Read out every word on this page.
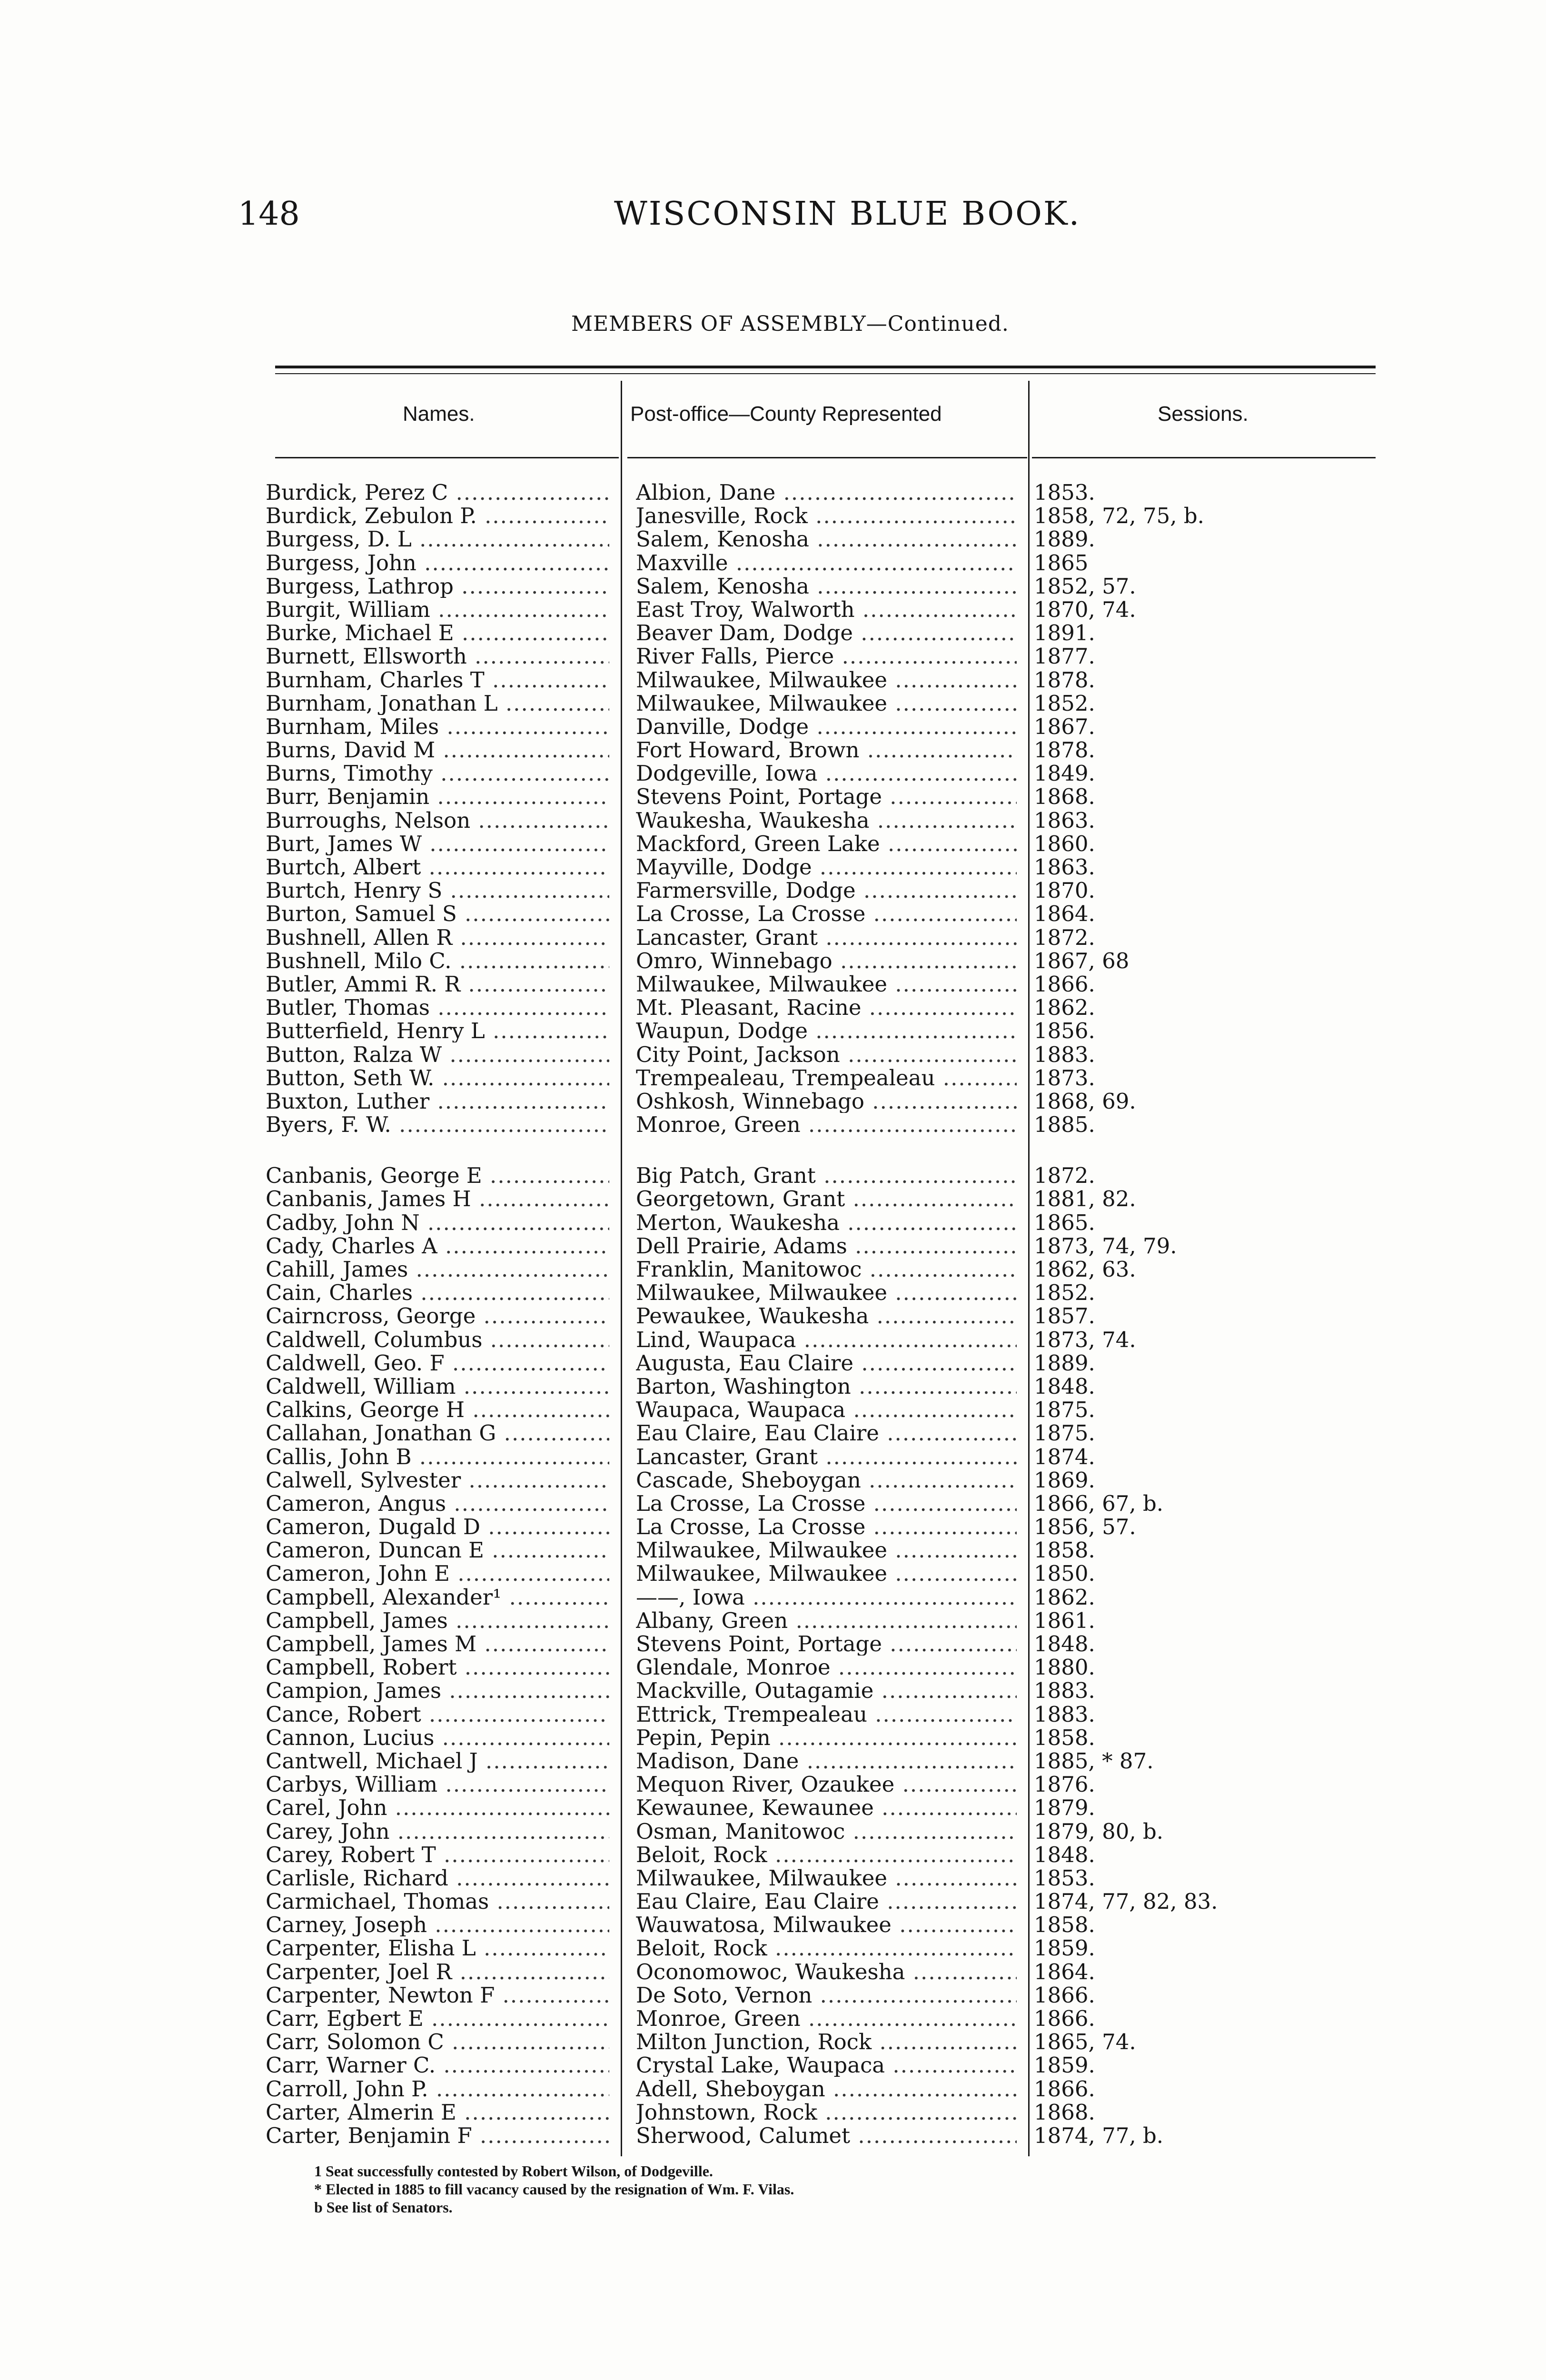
148	WISCONSIN BLUE BOOK.
MEMBERS OF ASSEMBLY—Continued.
Names.	Post-office—County Represented	Sessions.
Burdick, Perez C .....	Albion, Dane .....	1853.
Burdick, Zebulon P. .....	Janesville, Rock .....	1858, 72, 75, b.
Burgess, D. L .....	Salem, Kenosha .....	1889.
Burgess, John .....	Maxville .....	1865
Burgess, Lathrop .....	Salem, Kenosha .....	1852, 57.
Burgit, William .....	East Troy, Walworth .....	1870, 74.
Burke, Michael E .....	Beaver Dam, Dodge .....	1891.
Burnett, Ellsworth .....	River Falls, Pierce .....	1877.
Burnham, Charles T .....	Milwaukee, Milwaukee .....	1878.
Burnham, Jonathan L .....	Milwaukee, Milwaukee .....	1852.
Burnham, Miles .....	Danville, Dodge .....	1867.
Burns, David M .....	Fort Howard, Brown .....	1878.
Burns, Timothy .....	Dodgeville, Iowa .....	1849.
Burr, Benjamin .....	Stevens Point, Portage .....	1868.
Burroughs, Nelson .....	Waukesha, Waukesha .....	1863.
Burt, James W .....	Mackford, Green Lake .....	1860.
Burtch, Albert .....	Mayville, Dodge .....	1863.
Burtch, Henry S .....	Farmersville, Dodge .....	1870.
Burton, Samuel S .....	La Crosse, La Crosse .....	1864.
Bushnell, Allen R .....	Lancaster, Grant .....	1872.
Bushnell, Milo C. .....	Omro, Winnebago .....	1867, 68
Butler, Ammi R. R .....	Milwaukee, Milwaukee .....	1866.
Butler, Thomas .....	Mt. Pleasant, Racine .....	1862.
Butterfield, Henry L .....	Waupun, Dodge .....	1856.
Button, Ralza W .....	City Point, Jackson .....	1883.
Button, Seth W. .....	Trempealeau, Trempealeau .....	1873.
Buxton, Luther .....	Oshkosh, Winnebago .....	1868, 69.
Byers, F. W. .....	Monroe, Green .....	1885.
Canbanis, George E .....	Big Patch, Grant .....	1872.
Canbanis, James H .....	Georgetown, Grant .....	1881, 82.
Cadby, John N .....	Merton, Waukesha .....	1865.
Cady, Charles A .....	Dell Prairie, Adams .....	1873, 74, 79.
Cahill, James .....	Franklin, Manitowoc .....	1862, 63.
Cain, Charles .....	Milwaukee, Milwaukee .....	1852.
Cairncross, George .....	Pewaukee, Waukesha .....	1857.
Caldwell, Columbus .....	Lind, Waupaca .....	1873, 74.
Caldwell, Geo. F .....	Augusta, Eau Claire .....	1889.
Caldwell, William .....	Barton, Washington .....	1848.
Calkins, George H .....	Waupaca, Waupaca .....	1875.
Callahan, Jonathan G .....	Eau Claire, Eau Claire .....	1875.
Callis, John B .....	Lancaster, Grant .....	1874.
Calwell, Sylvester .....	Cascade, Sheboygan .....	1869.
Cameron, Angus .....	La Crosse, La Crosse .....	1866, 67, b.
Cameron, Dugald D .....	La Crosse, La Crosse .....	1856, 57.
Cameron, Duncan E .....	Milwaukee, Milwaukee .....	1858.
Cameron, John E .....	Milwaukee, Milwaukee .....	1850.
Campbell, Alexander¹ .....	——, Iowa .....	1862.
Campbell, James .....	Albany, Green .....	1861.
Campbell, James M .....	Stevens Point, Portage .....	1848.
Campbell, Robert .....	Glendale, Monroe .....	1880.
Campion, James .....	Mackville, Outagamie .....	1883.
Cance, Robert .....	Ettrick, Trempealeau .....	1883.
Cannon, Lucius .....	Pepin, Pepin .....	1858.
Cantwell, Michael J .....	Madison, Dane .....	1885, * 87.
Carbys, William .....	Mequon River, Ozaukee .....	1876.
Carel, John .....	Kewaunee, Kewaunee .....	1879.
Carey, John .....	Osman, Manitowoc .....	1879, 80, b.
Carey, Robert T .....	Beloit, Rock .....	1848.
Carlisle, Richard .....	Milwaukee, Milwaukee .....	1853.
Carmichael, Thomas .....	Eau Claire, Eau Claire .....	1874, 77, 82, 83.
Carney, Joseph .....	Wauwatosa, Milwaukee .....	1858.
Carpenter, Elisha L .....	Beloit, Rock .....	1859.
Carpenter, Joel R .....	Oconomowoc, Waukesha .....	1864.
Carpenter, Newton F .....	De Soto, Vernon .....	1866.
Carr, Egbert E .....	Monroe, Green .....	1866.
Carr, Solomon C .....	Milton Junction, Rock .....	1865, 74.
Carr, Warner C. .....	Crystal Lake, Waupaca .....	1859.
Carroll, John P. .....	Adell, Sheboygan .....	1866.
Carter, Almerin E .....	Johnstown, Rock .....	1868.
Carter, Benjamin F .....	Sherwood, Calumet .....	1874, 77, b.
1 Seat successfully contested by Robert Wilson, of Dodgeville.
* Elected in 1885 to fill vacancy caused by the resignation of Wm. F. Vilas.
b See list of Senators.
